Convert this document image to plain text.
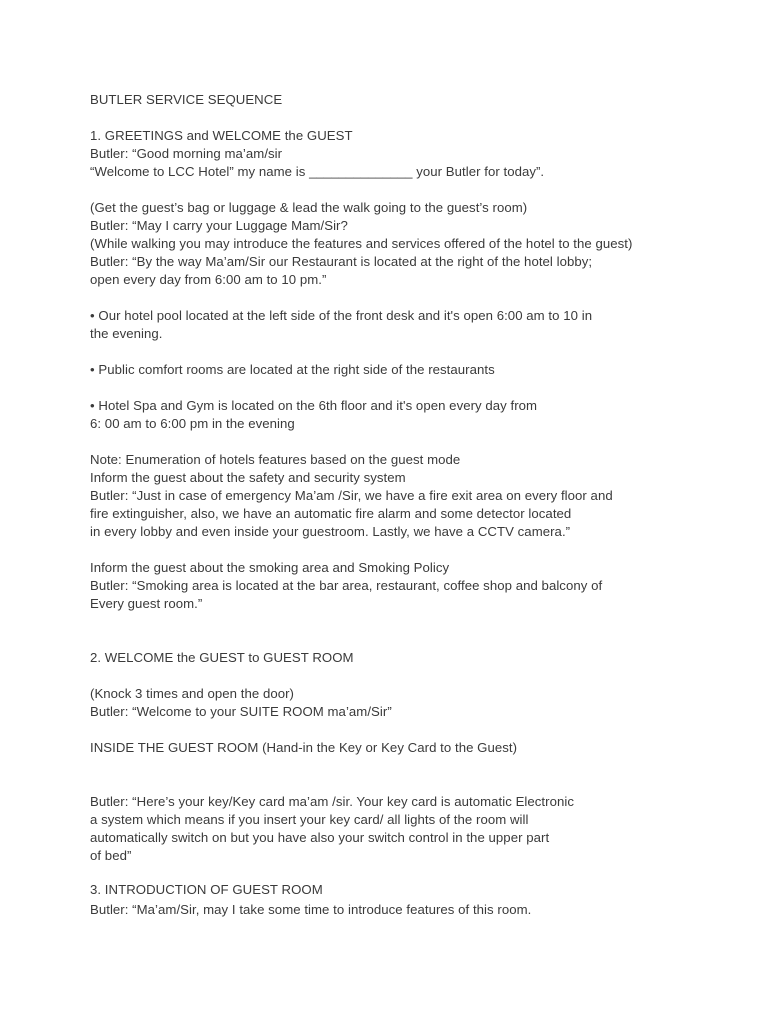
BUTLER SERVICE SEQUENCE
1. GREETINGS and WELCOME the GUEST
Butler: “Good morning ma’am/sir
“Welcome to LCC Hotel” my name is ______________ your Butler for today”.
(Get the guest’s bag or luggage & lead the walk going to the guest’s room)
Butler: “May I carry your Luggage Mam/Sir?
(While walking you may introduce the features and services offered of the hotel to the guest)
Butler: “By the way Ma’am/Sir our Restaurant is located at the right of the hotel lobby;
open every day from 6:00 am to 10 pm.”
• Our hotel pool located at the left side of the front desk and it's open 6:00 am to 10 in
the evening.
• Public comfort rooms are located at the right side of the restaurants
• Hotel Spa and Gym is located on the 6th floor and it's open every day from
6: 00 am to 6:00 pm in the evening
Note: Enumeration of hotels features based on the guest mode
Inform the guest about the safety and security system
Butler: “Just in case of emergency Ma’am /Sir, we have a fire exit area on every floor and
fire extinguisher, also, we have an automatic fire alarm and some detector located
in every lobby and even inside your guestroom. Lastly, we have a CCTV camera.”
Inform the guest about the smoking area and Smoking Policy
Butler: “Smoking area is located at the bar area, restaurant, coffee shop and balcony of
Every guest room.”
2. WELCOME the GUEST to GUEST ROOM
(Knock 3 times and open the door)
Butler: “Welcome to your SUITE ROOM ma’am/Sir”
INSIDE THE GUEST ROOM (Hand-in the Key or Key Card to the Guest)
Butler: “Here’s your key/Key card ma’am /sir. Your key card is automatic Electronic
a system which means if you insert your key card/ all lights of the room will
automatically switch on but you have also your switch control in the upper part
of bed”
3. INTRODUCTION OF GUEST ROOM
Butler: “Ma’am/Sir, may I take some time to introduce features of this room.
